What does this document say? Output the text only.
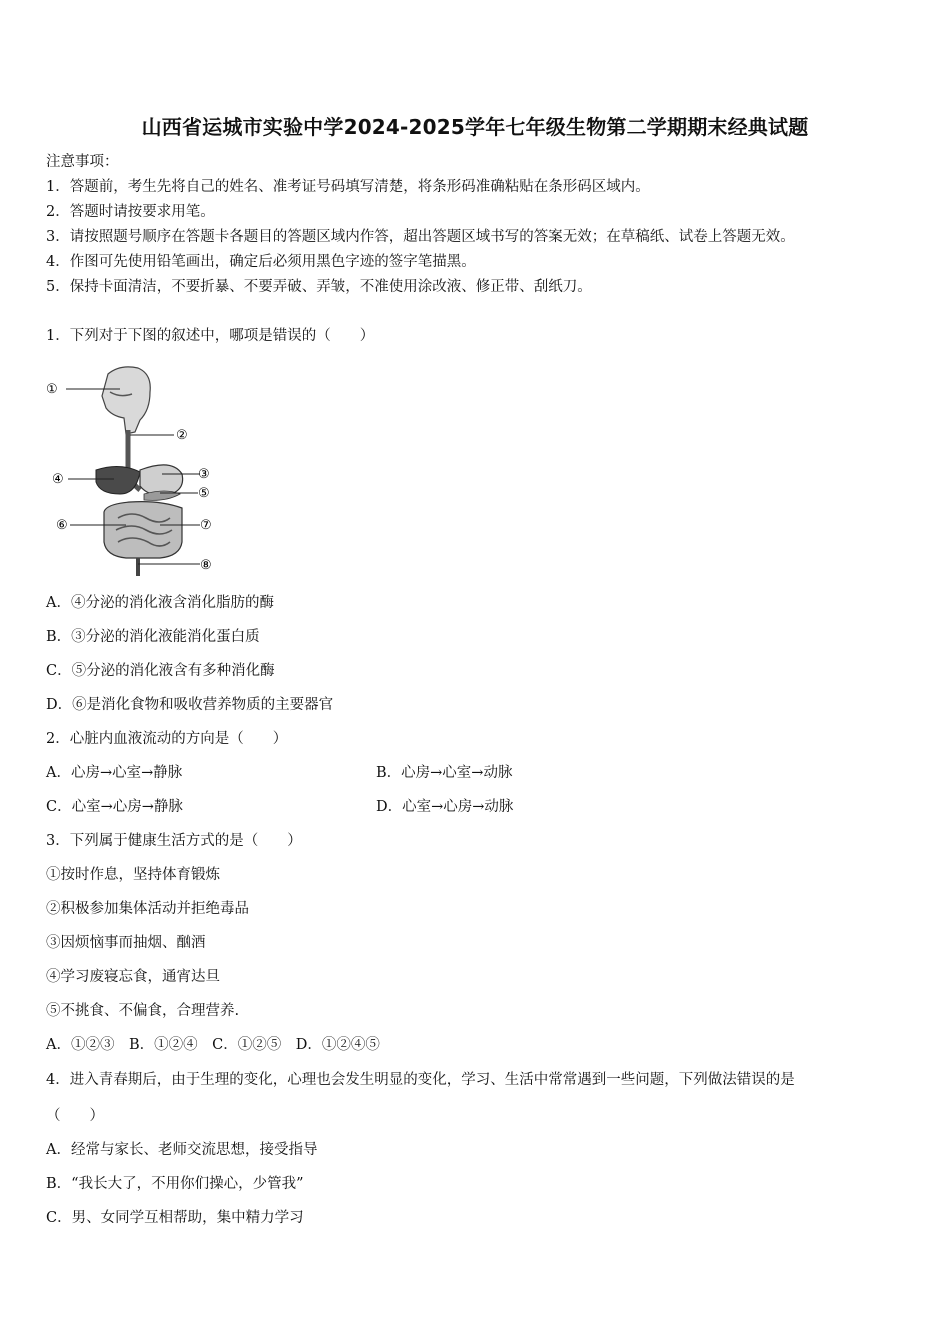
山西省运城市实验中学2024-2025学年七年级生物第二学期期末经典试题
注意事项：
1．答题前，考生先将自己的姓名、准考证号码填写清楚，将条形码准确粘贴在条形码区域内。
2．答题时请按要求用笔。
3．请按照题号顺序在答题卡各题目的答题区域内作答，超出答题区域书写的答案无效；在草稿纸、试卷上答题无效。
4．作图可先使用铅笔画出，确定后必须用黑色字迹的签字笔描黑。
5．保持卡面清洁，不要折暴、不要弄破、弄皱，不准使用涂改液、修正带、刮纸刀。
1．下列对于下图的叙述中，哪项是错误的（　　）
①
②
③
④
⑤
⑥	⑦
⑧
A．④分泌的消化液含消化脂肪的酶
B．③分泌的消化液能消化蛋白质
C．⑤分泌的消化液含有多种消化酶
D．⑥是消化食物和吸收营养物质的主要器官
2．心脏内血液流动的方向是（　　）
A．心房→心室→静脉	B．心房→心室→动脉
C．心室→心房→静脉	D．心室→心房→动脉
3．下列属于健康生活方式的是（　　）
①按时作息，坚持体育锻炼
②积极参加集体活动并拒绝毒品
③因烦恼事而抽烟、酗酒
④学习废寝忘食，通宵达旦
⑤不挑食、不偏食，合理营养.
A．①②③　B．①②④　C．①②⑤　D．①②④⑤
4．进入青春期后，由于生理的变化，心理也会发生明显的变化，学习、生活中常常遇到一些问题，下列做法错误的是
（　　）
A．经常与家长、老师交流思想，接受指导
B．“我长大了，不用你们操心，少管我”
C．男、女同学互相帮助，集中精力学习
